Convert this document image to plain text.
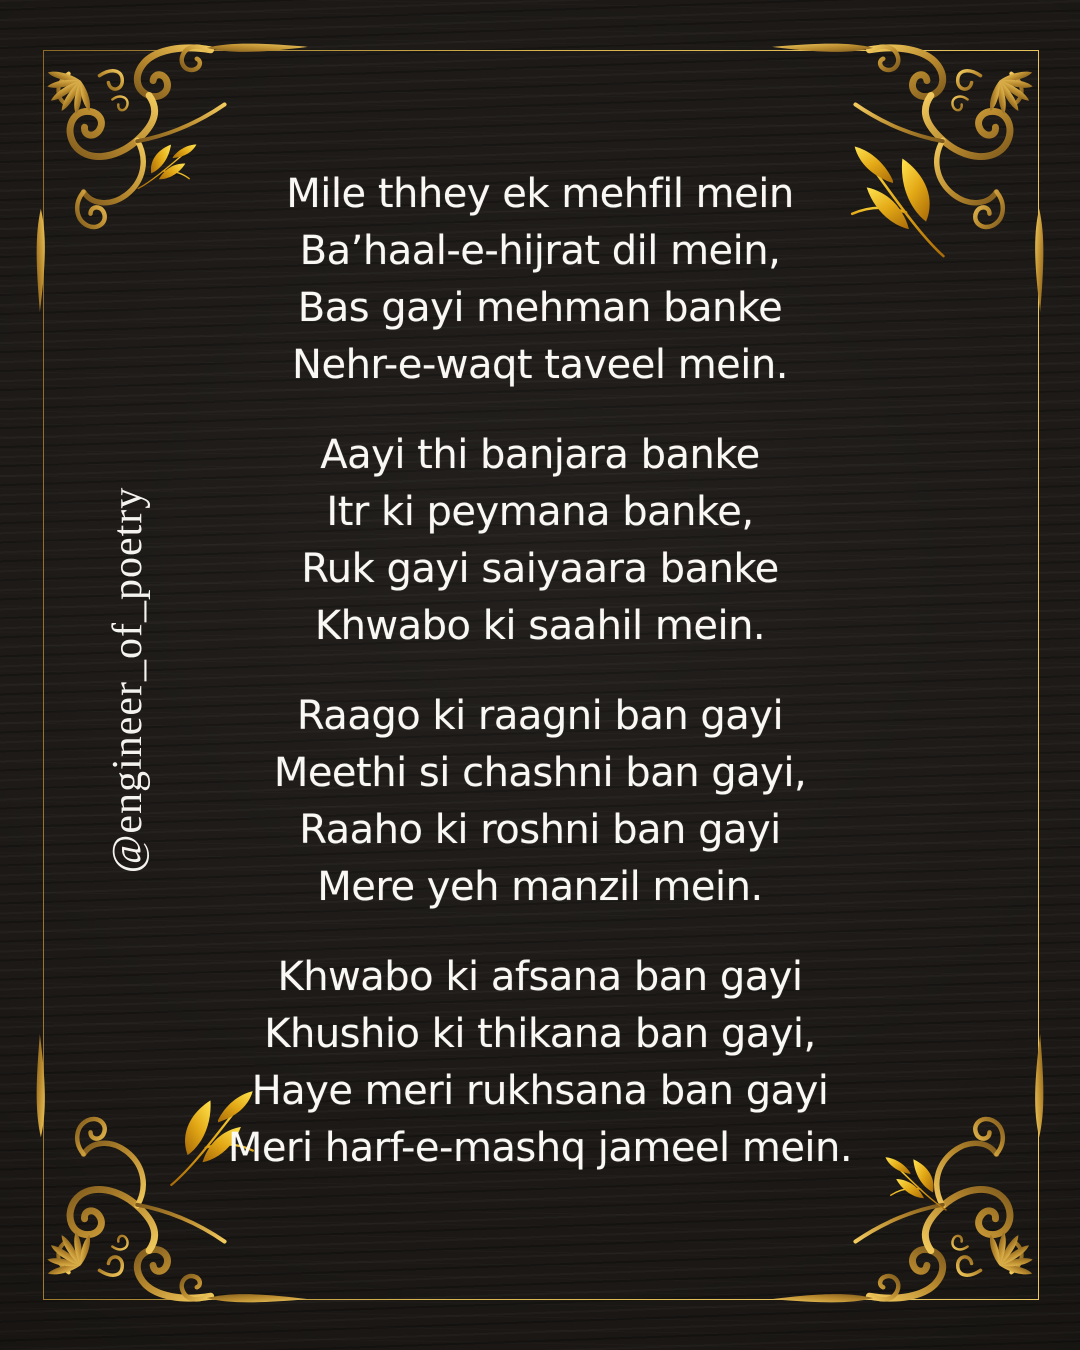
@engineer_of_poetry

Mile thhey ek mehfil mein

Ba’haal-e-hijrat dil mein,

Bas gayi mehman banke

Nehr-e-waqt taveel mein.

Aayi thi banjara banke

Itr ki peymana banke,

Ruk gayi saiyaara banke

Khwabo ki saahil mein.

Raago ki raagni ban gayi

Meethi si chashni ban gayi,

Raaho ki roshni ban gayi

Mere yeh manzil mein.

Khwabo ki afsana ban gayi

Khushio ki thikana ban gayi,

Haye meri rukhsana ban gayi

Meri harf-e-mashq jameel mein.
